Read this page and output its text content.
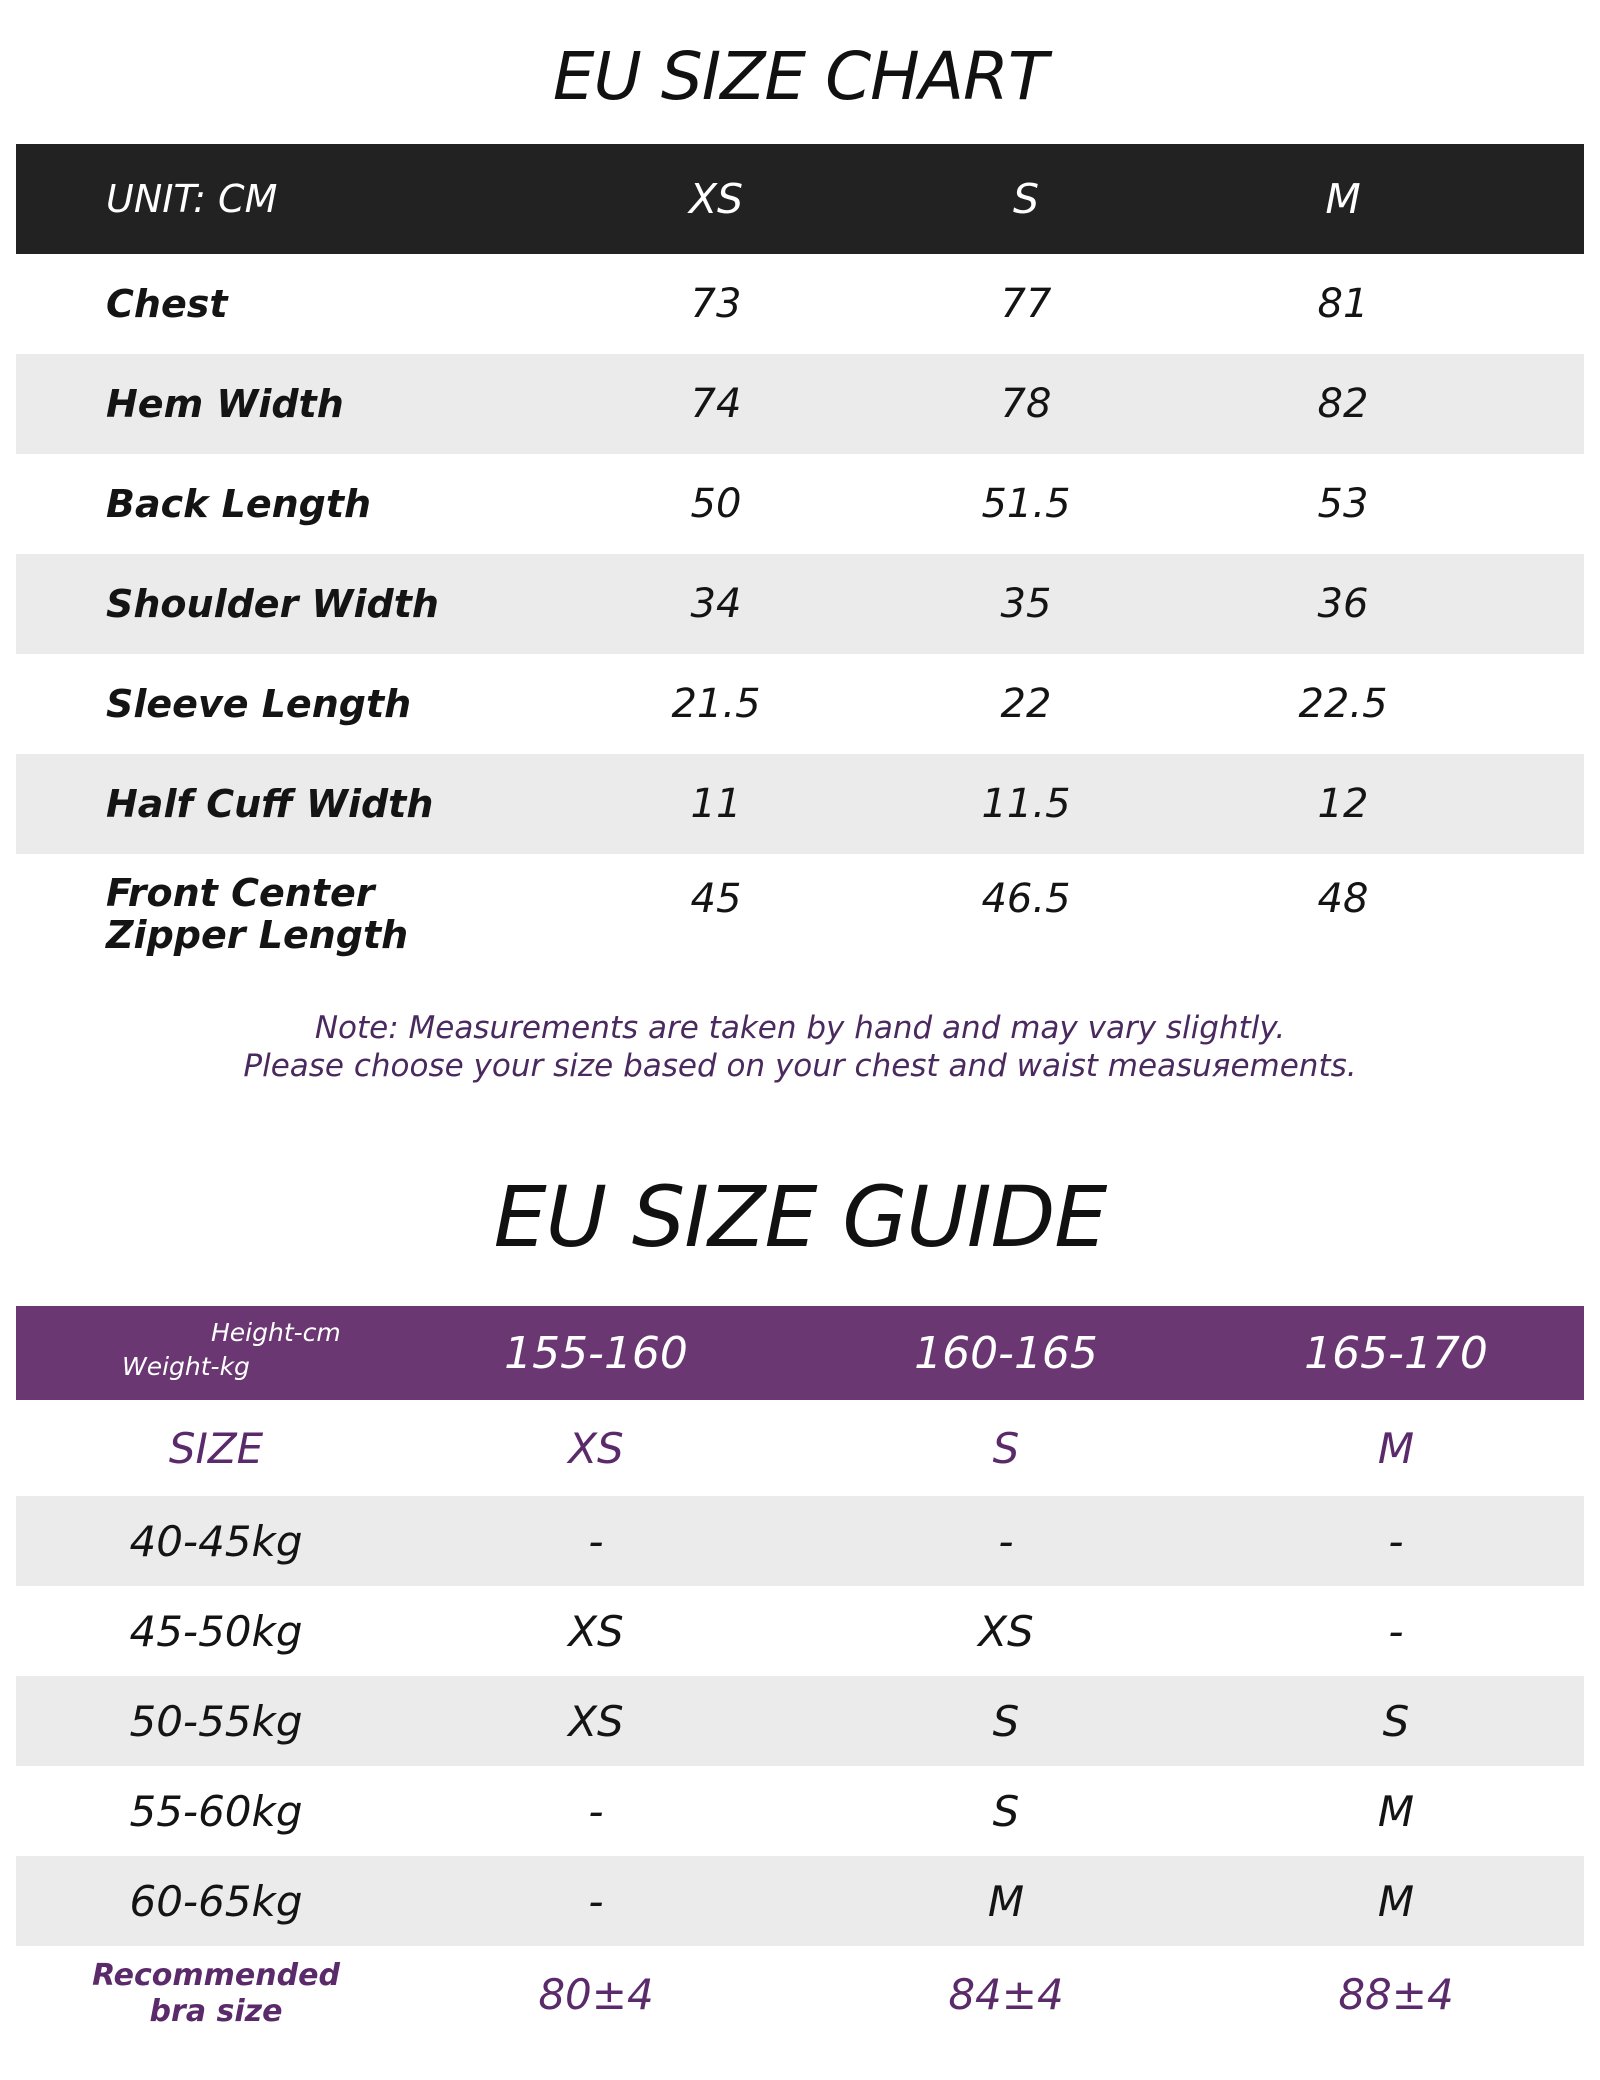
EU SIZE CHART
UNIT: CM	XS	S	M
Chest	73	77	81
Hem Width	74	78	82
Back Length	50	51.5	53
Shoulder Width	34	35	36
Sleeve Length	21.5	22	22.5
Half Cuff Width	11	11.5	12
Front Center
Zipper Length
45	46.5	48
Note: Measurements are taken by hand and may vary slightly.
Please choose your size based on your chest and waist measuяements.
EU SIZE GUIDE
Height-cm
Weight-kg	155-160	160-165	165-170
SIZE	XS	S	M
40-45kg	-	-	-
45-50kg	XS	XS	-
50-55kg	XS	S	S
55-60kg	-	S	M
60-65kg	-	M	M
Recommended
bra size	80±4	84±4	88±4
